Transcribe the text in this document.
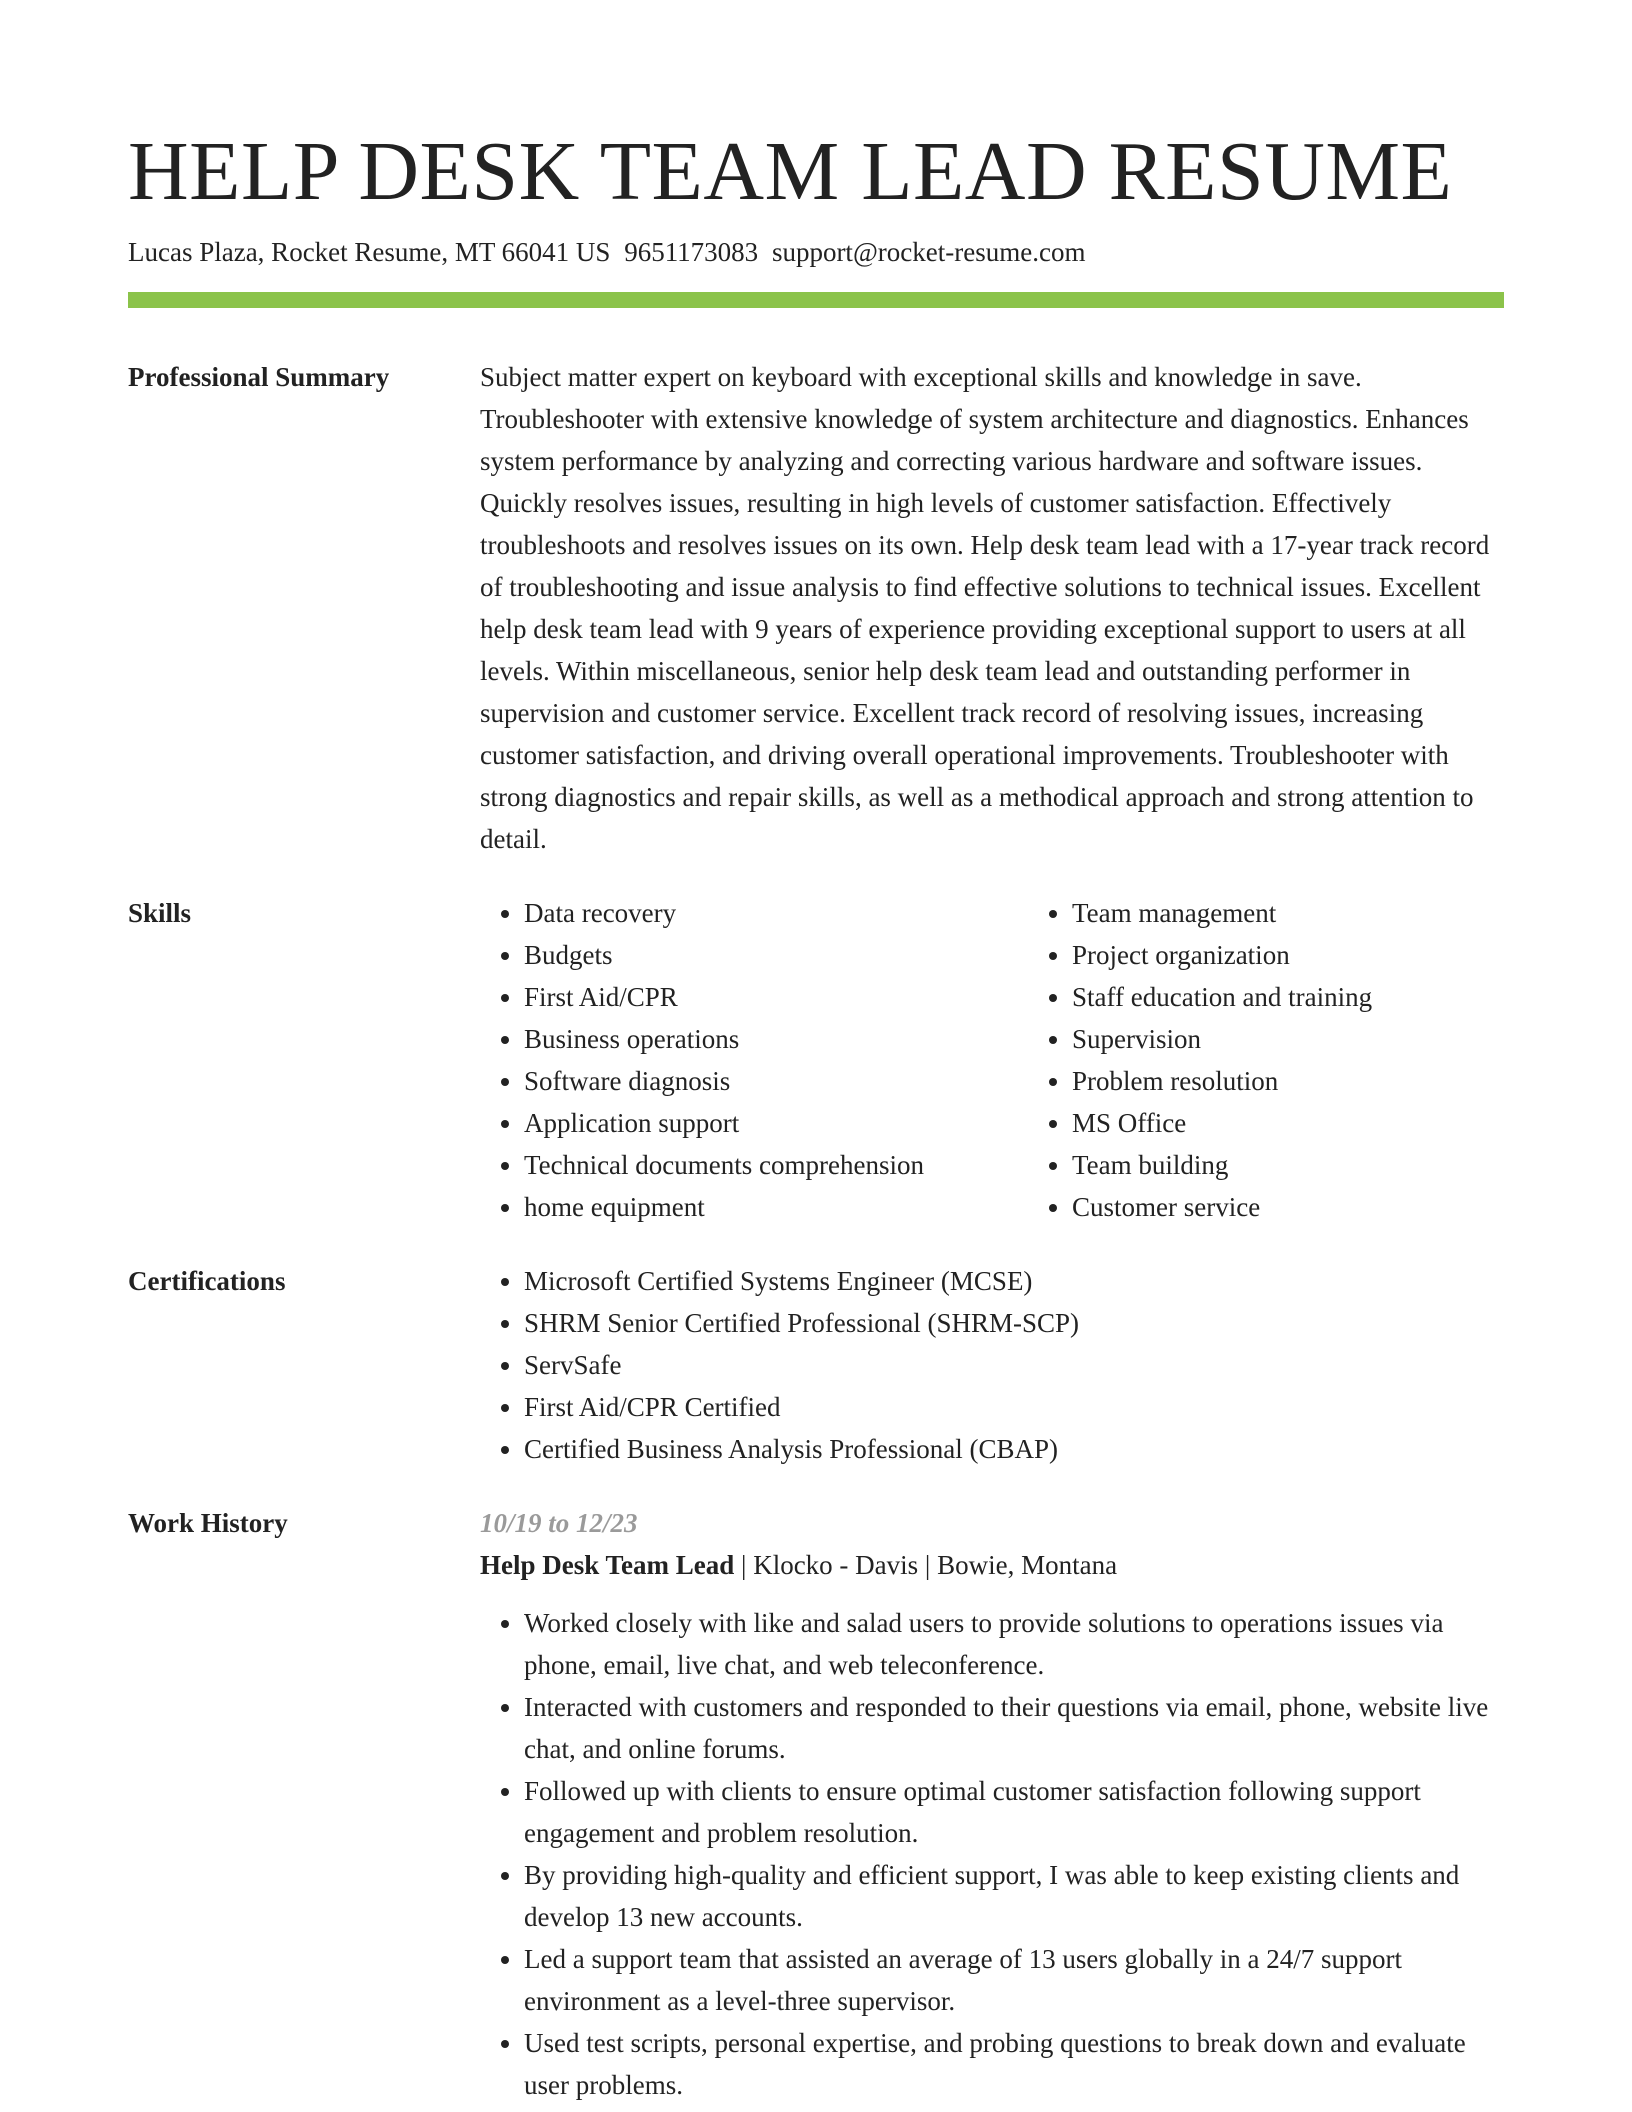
HELP DESK TEAM LEAD RESUME
Lucas Plaza, Rocket Resume, MT 66041 US 9651173083 support@rocket-resume.com
Professional Summary	Subject matter expert on keyboard with exceptional skills and knowledge in save. Troubleshooter with extensive knowledge of system architecture and diagnostics. Enhances system performance by analyzing and correcting various hardware and software issues. Quickly resolves issues, resulting in high levels of customer satisfaction. Effectively troubleshoots and resolves issues on its own. Help desk team lead with a 17-year track record of troubleshooting and issue analysis to find effective solutions to technical issues. Excellent help desk team lead with 9 years of experience providing exceptional support to users at all levels. Within miscellaneous, senior help desk team lead and outstanding performer in supervision and customer service. Excellent track record of resolving issues, increasing customer satisfaction, and driving overall operational improvements. Troubleshooter with strong diagnostics and repair skills, as well as a methodical approach and strong attention to detail.
Skills	• Data recovery
• Budgets
• First Aid/CPR
• Business operations
• Software diagnosis
• Application support
• Technical documents comprehension
• home equipment
• Team management
• Project organization
• Staff education and training
• Supervision
• Problem resolution
• MS Office
• Team building
• Customer service
Certifications	• Microsoft Certified Systems Engineer (MCSE)
• SHRM Senior Certified Professional (SHRM-SCP)
• ServSafe
• First Aid/CPR Certified
• Certified Business Analysis Professional (CBAP)
Work History	10/19 to 12/23
Help Desk Team Lead | Klocko - Davis | Bowie, Montana
• Worked closely with like and salad users to provide solutions to operations issues via phone, email, live chat, and web teleconference.
• Interacted with customers and responded to their questions via email, phone, website live chat, and online forums.
• Followed up with clients to ensure optimal customer satisfaction following support engagement and problem resolution.
• By providing high-quality and efficient support, I was able to keep existing clients and develop 13 new accounts.
• Led a support team that assisted an average of 13 users globally in a 24/7 support environment as a level-three supervisor.
• Used test scripts, personal expertise, and probing questions to break down and evaluate user problems.
